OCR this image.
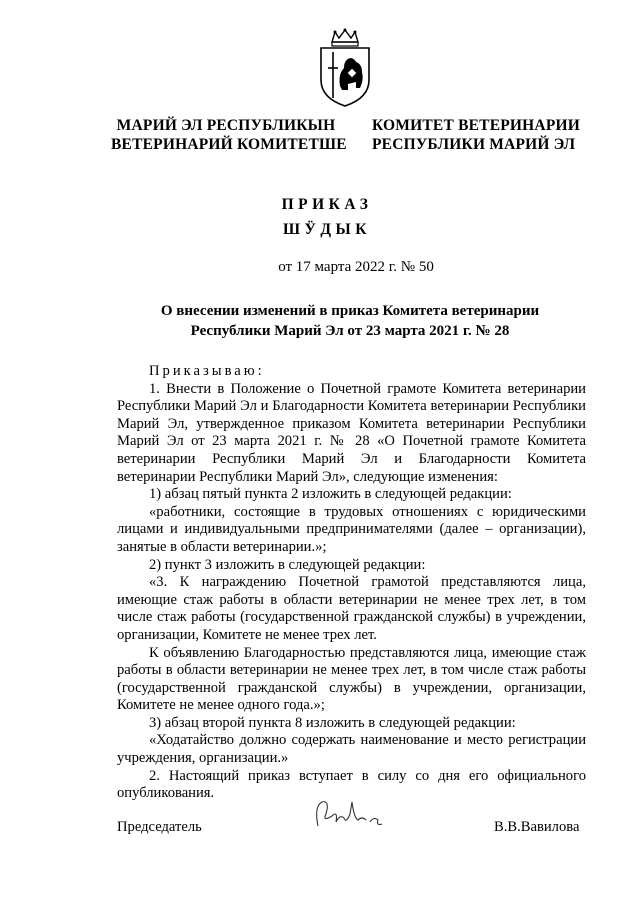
МАРИЙ ЭЛ РЕСПУБЛИКЫН
ВЕТЕРИНАРИЙ КОМИТЕТШЕ
КОМИТЕТ ВЕТЕРИНАРИИ
РЕСПУБЛИКИ МАРИЙ ЭЛ
ПРИКАЗ
ШӰДЫК
от 17 марта 2022 г. № 50
О внесении изменений в приказ Комитета ветеринарии
Республики Марий Эл от 23 марта 2021 г. № 28

Приказываю:

1. Внести в Положение о Почетной грамоте Комитета ветеринарии Республики Марий Эл и Благодарности Комитета ветеринарии Республики Марий Эл, утвержденное приказом Комитета ветеринарии Республики Марий Эл от 23 марта 2021 г. № 28 «О Почетной грамоте Комитета ветеринарии Республики Марий Эл и Благодарности Комитета ветеринарии Республики Марий Эл», следующие изменения:

1) абзац пятый пункта 2 изложить в следующей редакции:

«работники, состоящие в трудовых отношениях с юридическими лицами и индивидуальными предпринимателями (далее – организации), занятые в области ветеринарии.»;

2) пункт 3 изложить в следующей редакции:

«3. К награждению Почетной грамотой представляются лица, имеющие стаж работы в области ветеринарии не менее трех лет, в том числе стаж работы (государственной гражданской службы) в учреждении, организации, Комитете не менее трех лет.

К объявлению Благодарностью представляются лица, имеющие стаж работы в области ветеринарии не менее трех лет, в том числе стаж работы (государственной гражданской службы) в учреждении, организации, Комитете не менее одного года.»;

3) абзац второй пункта 8 изложить в следующей редакции:

«Ходатайство должно содержать наименование и место регистрации учреждения, организации.»

2. Настоящий приказ вступает в силу со дня его официального опубликования.

Председатель	В.В.Вавилова
